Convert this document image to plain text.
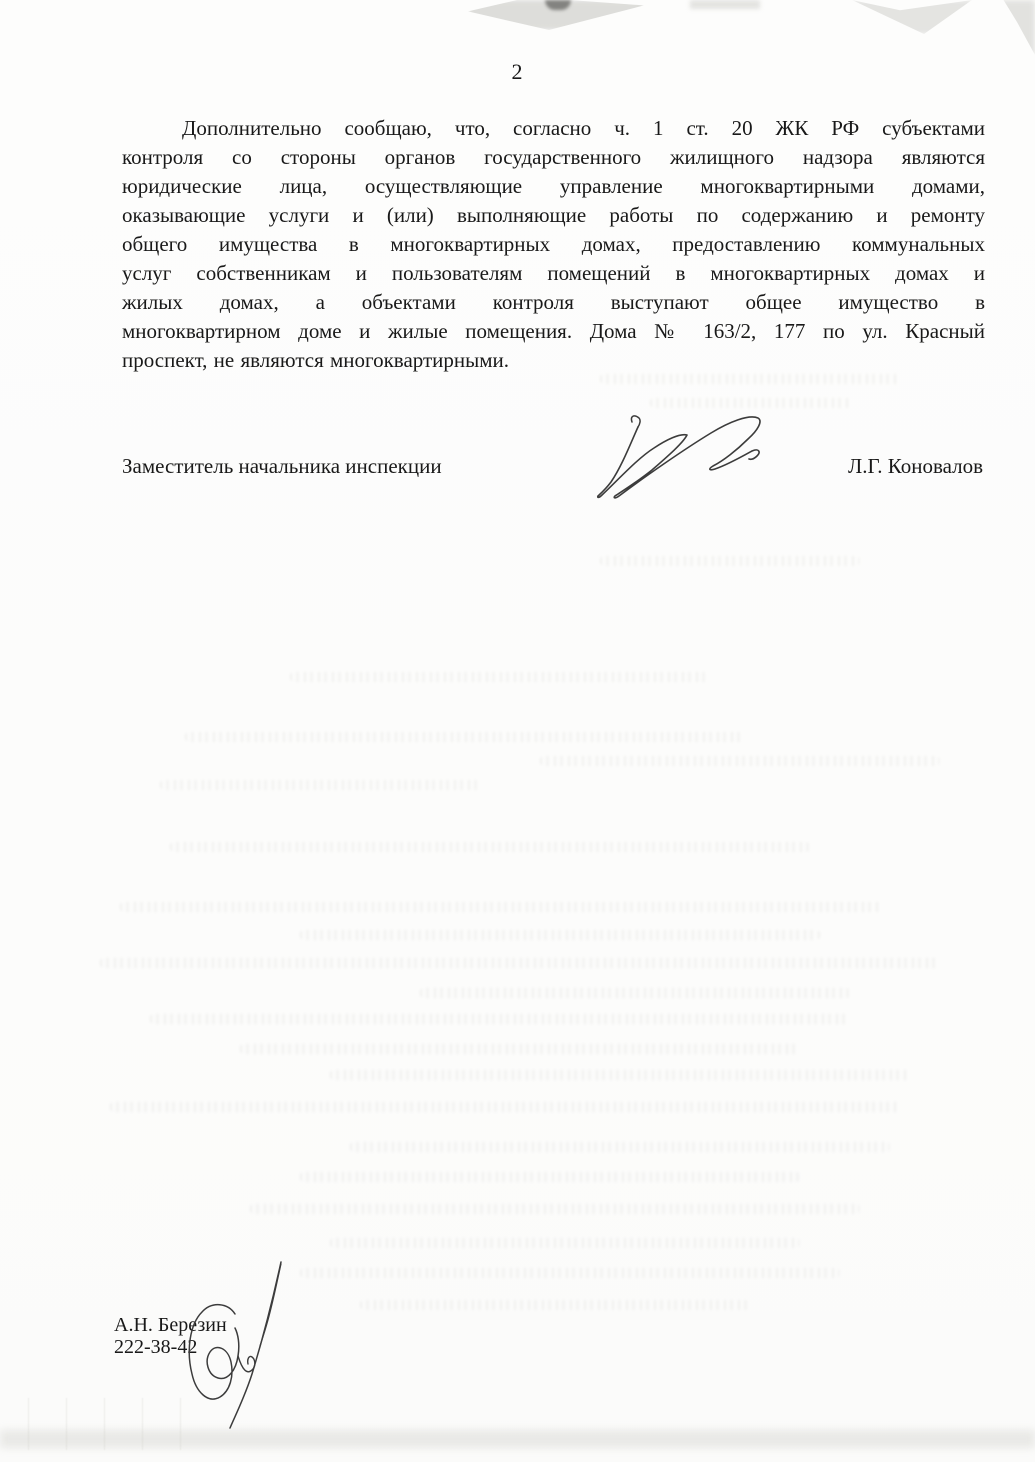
2
Дополнительно сообщаю, что, согласно ч. 1 ст. 20 ЖК РФ субъектами
контроля со стороны органов государственного жилищного надзора являются
юридические лица, осуществляющие управление многоквартирными домами,
оказывающие услуги и (или) выполняющие работы по содержанию и ремонту
общего имущества в многоквартирных домах, предоставлению коммунальных
услуг собственникам и пользователям помещений в многоквартирных домах и
жилых домах, а объектами контроля выступают общее имущество в
многоквартирном доме и жилые помещения. Дома № 163/2, 177 по ул. Красный
проспект, не являются многоквартирными.
Заместитель начальника инспекции	Л.Г. Коновалов
А.Н. Березин
222-38-42
